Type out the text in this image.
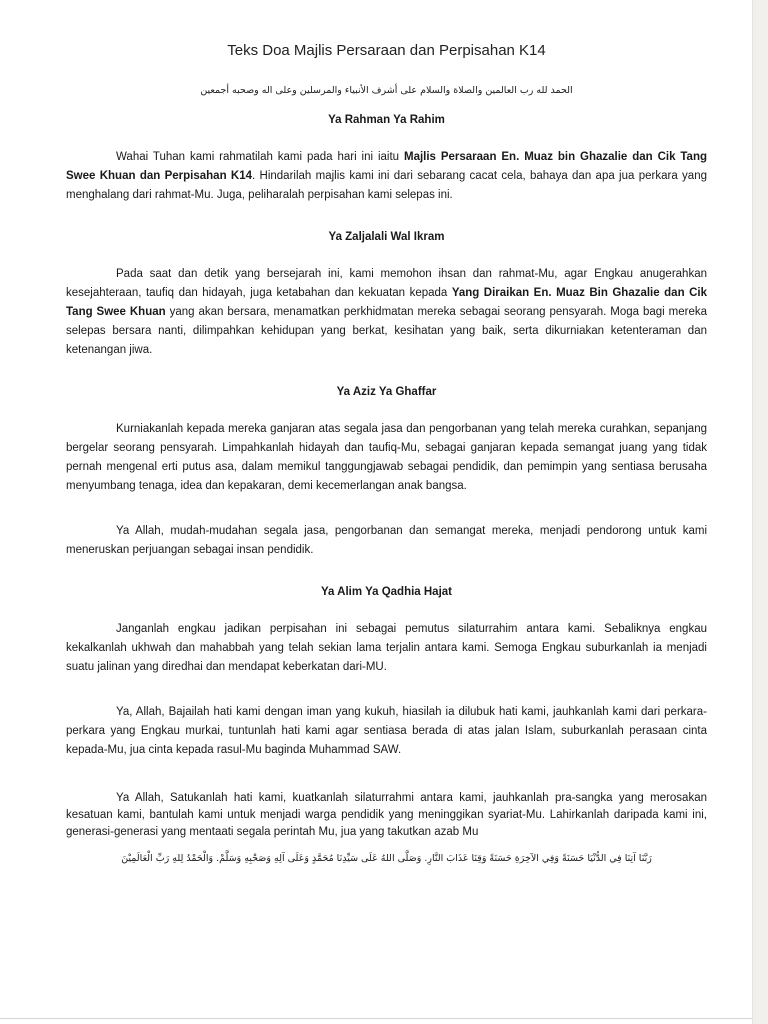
Teks Doa Majlis Persaraan dan Perpisahan K14

الحمد لله رب العالمين والصلاة والسلام على أشرف الأنبياء والمرسلين وعلى اله وصحبه أجمعين

Ya Rahman Ya Rahim

Wahai Tuhan kami rahmatilah kami pada hari ini iaitu Majlis Persaraan En. Muaz bin Ghazalie dan Cik Tang Swee Khuan dan Perpisahan K14. Hindarilah majlis kami ini dari sebarang cacat cela, bahaya dan apa jua perkara yang menghalang dari rahmat-Mu. Juga, peliharalah perpisahan kami selepas ini.

Ya Zaljalali Wal Ikram

Pada saat dan detik yang bersejarah ini, kami memohon ihsan dan rahmat-Mu, agar Engkau anugerahkan kesejahteraan, taufiq dan hidayah, juga ketabahan dan kekuatan kepada Yang Diraikan En. Muaz Bin Ghazalie dan Cik Tang Swee Khuan yang akan bersara, menamatkan perkhidmatan mereka sebagai seorang pensyarah. Moga bagi mereka selepas bersara nanti, dilimpahkan kehidupan yang berkat, kesihatan yang baik, serta dikurniakan ketenteraman dan ketenangan jiwa.

Ya Aziz Ya Ghaffar

Kurniakanlah kepada mereka ganjaran atas segala jasa dan pengorbanan yang telah mereka curahkan, sepanjang bergelar seorang pensyarah. Limpahkanlah hidayah dan taufiq-Mu, sebagai ganjaran kepada semangat juang yang tidak pernah mengenal erti putus asa, dalam memikul tanggungjawab sebagai pendidik, dan pemimpin yang sentiasa berusaha menyumbang tenaga, idea dan kepakaran, demi kecemerlangan anak bangsa.

Ya Allah, mudah-mudahan segala jasa, pengorbanan dan semangat mereka, menjadi pendorong untuk kami meneruskan perjuangan sebagai insan pendidik.

Ya Alim Ya Qadhia Hajat

Janganlah engkau jadikan perpisahan ini sebagai pemutus silaturrahim antara kami. Sebaliknya engkau kekalkanlah ukhwah dan mahabbah yang telah sekian lama terjalin antara kami. Semoga Engkau suburkanlah ia menjadi suatu jalinan yang diredhai dan mendapat keberkatan dari-MU.

Ya, Allah, Bajailah hati kami dengan iman yang kukuh, hiasilah ia dilubuk hati kami, jauhkanlah kami dari perkara-perkara yang Engkau murkai, tuntunlah hati kami agar sentiasa berada di atas jalan Islam, suburkanlah perasaan cinta kepada-Mu, jua cinta kepada rasul-Mu baginda Muhammad SAW.

Ya Allah, Satukanlah hati kami, kuatkanlah silaturrahmi antara kami, jauhkanlah pra-sangka yang merosakan kesatuan kami, bantulah kami untuk menjadi warga pendidik yang meninggikan syariat-Mu. Lahirkanlah daripada kami ini, generasi-generasi yang mentaati segala perintah Mu, jua yang takutkan azab Mu

رَبَّنَا آتِنَا فِي الدُّنْيَا حَسَنَةً وَفِي الآخِرَةِ حَسَنَةً وَقِنَا عَذَابَ النَّارِ. وَصَلَّى اللهُ عَلَى سَيِّدِنَا مُحَمَّدٍ وَعَلَى آلِهِ وَصَحْبِهِ وَسَلَّمْ. وَالْحَمْدُ لِلهِ رَبِّ الْعَالَمِيْنَ
